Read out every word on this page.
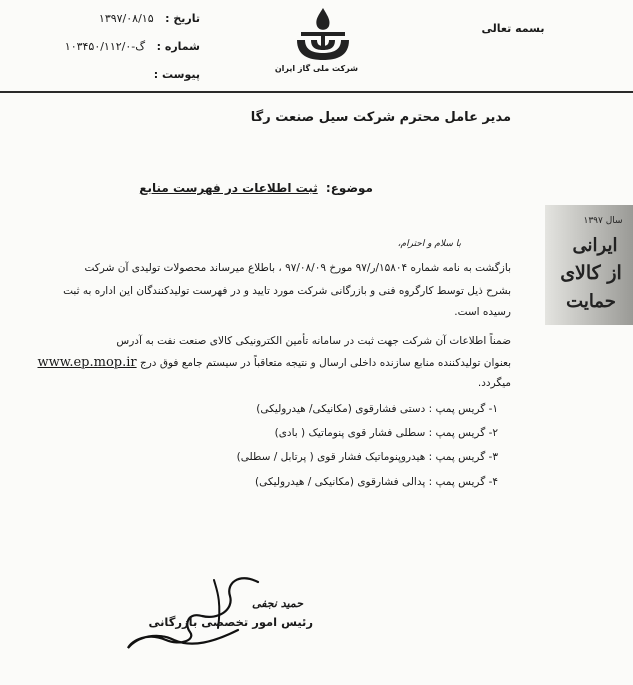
تاریخ : ۱۳۹۷/۰۸/۱۵
شماره : گ-۱۰۳۴۵۰/۱۱۲/۰
پیوست :	شرکت ملی گاز ایران
بسمه تعالی
مدیر عامل محترم شرکت سیل صنعت رگا
موضوع: ثبت اطلاعات در فهرست منابع
با سلام و احترام،
بازگشت به نامه شماره ۱۵۸۰۴/ر/۹۷ مورخ ۹۷/۰۸/۰۹ ، باطلاع میرساند محصولات تولیدی آن شرکت
بشرح ذیل توسط کارگروه فنی و بازرگانی شرکت مورد تایید و در فهرست تولیدکنندگان این اداره به ثبت
رسیده است.
ضمناً اطلاعات آن شرکت جهت ثبت در سامانه تأمین الکترونیکی کالای صنعت نفت به آدرس
بعنوان تولیدکننده منابع سازنده داخلی ارسال و نتیجه متعاقباً در سیستم جامع فوق درج www.ep.mop.ir
میگردد.
۱- گریس پمپ : دستی فشارقوی (مکانیکی/ هیدرولیکی)
۲- گریس پمپ : سطلی فشار قوی پنوماتیک ( بادی)
۳- گریس پمپ : هیدروپنوماتیک فشار قوی ( پرتابل / سطلی)
۴- گریس پمپ : پدالی فشارقوی (مکانیکی / هیدرولیکی)
سال ۱۳۹۷
ایرانی
از کالای
حمایت
حمید نجفی
رئیس امور تخصصی بازرگانی
